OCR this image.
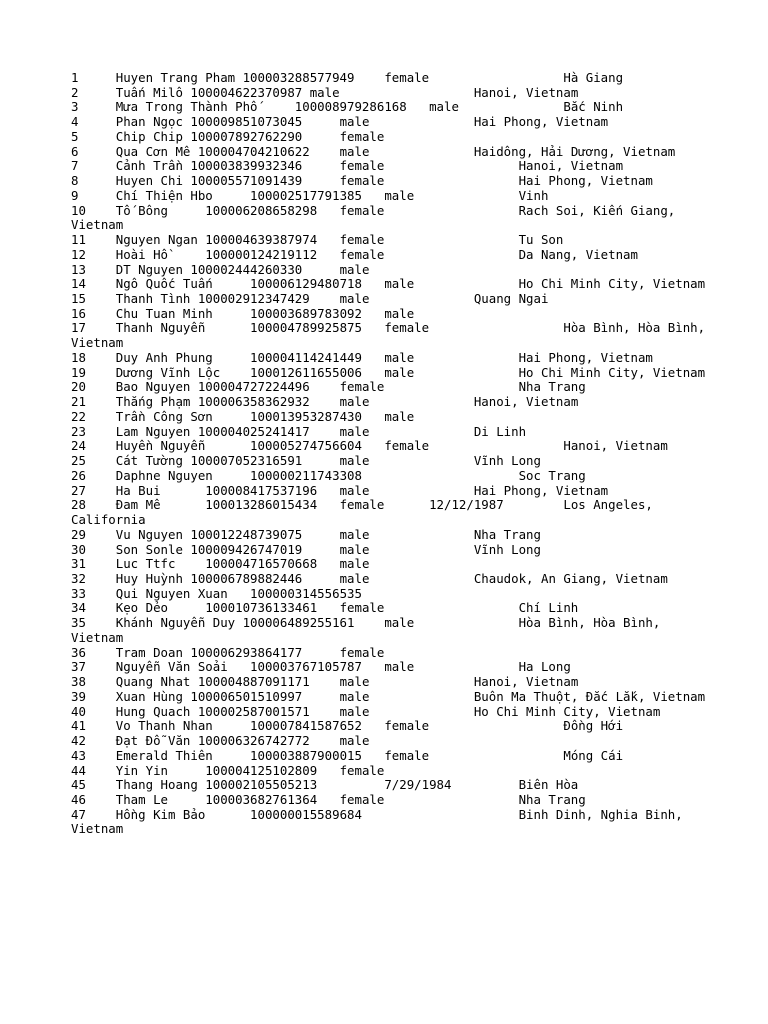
1	Huyen Trang Pham 100003288577949	female			Hà Giang
2	Tuấn Milô 100004622370987 male			Hanoi, Vietnam
3	Mưa Trong Thành Phố	100008979286168	male			Bắc Ninh
4	Phan Ngọc 100009851073045	male			Hai Phong, Vietnam
5	Chip Chip 100007892762290	female
6	Qua Cơn Mê 100004704210622	male			Haidông, Hải Dương, Vietnam
7	Cảnh Trần 100003839932346	female			Hanoi, Vietnam
8	Huyen Chi 100005571091439	female			Hai Phong, Vietnam
9	Chí Thiện Hbo	100002517791385	male			Vinh
10	Tố Bông	100006208658298	female			Rach Soi, Kiến Giang, Vietnam
11	Nguyen Ngan 100004639387974	female			Tu Son
12	Hoài Hồ	100000124219112	female			Da Nang, Vietnam
13	DT Nguyen 100002444260330	male
14	Ngô Quốc Tuấn	100006129480718	male			Ho Chi Minh City, Vietnam
15	Thanh Tình 100002912347429	male			Quang Ngai
16	Chu Tuan Minh	100003689783092	male
17	Thanh Nguyễn	100004789925875	female			Hòa Bình, Hòa Bình, Vietnam
18	Duy Anh Phung	100004114241449	male			Hai Phong, Vietnam
19	Dương Vĩnh Lộc	100012611655006	male			Ho Chi Minh City, Vietnam
20	Bao Nguyen 100004727224496	female			Nha Trang
21	Thắng Phạm 100006358362932	male			Hanoi, Vietnam
22	Trần Công Sơn	100013953287430	male
23	Lam Nguyen 100004025241417	male			Di Linh
24	Huyền Nguyễn	100005274756604	female			Hanoi, Vietnam
25	Cát Tường 100007052316591	male			Vĩnh Long
26	Daphne Nguyen	100000211743308				Soc Trang
27	Ha Bui	100008417537196	male			Hai Phong, Vietnam
28	Đam Mê	100013286015434	female	12/12/1987		Los Angeles, California
29	Vu Nguyen 100012248739075	male			Nha Trang
30	Son Sonle 100009426747019	male			Vĩnh Long
31	Luc Ttfc	100004716570668	male
32	Huy Huỳnh 100006789882446	male			Chaudok, An Giang, Vietnam
33	Qui Nguyen Xuan	100000314556535
34	Kẹo Dẻo	100010736133461	female			Chí Linh
35	Khánh Nguyễn Duy 100006489255161	male			Hòa Bình, Hòa Bình, Vietnam
36	Tram Doan 100006293864177	female
37	Nguyễn Văn Soải	100003767105787	male			Ha Long
38	Quang Nhat 100004887091171	male			Hanoi, Vietnam
39	Xuan Hùng 100006501510997	male			Buôn Ma Thuột, Đắc Lắk, Vietnam
40	Hung Quach 100002587001571	male			Ho Chi Minh City, Vietnam
41	Vo Thanh Nhan	100007841587652	female			Đồng Hới
42	Đạt Đỗ Văn 100006326742772	male
43	Emerald Thiên	100003887900015	female			Móng Cái
44	Yin Yin	100004125102809	female
45	Thang Hoang 100002105505213		7/29/1984		Biên Hòa
46	Tham Le	100003682761364	female			Nha Trang
47	Hồng Kim Bảo	100000015589684				Binh Dinh, Nghia Binh, Vietnam
